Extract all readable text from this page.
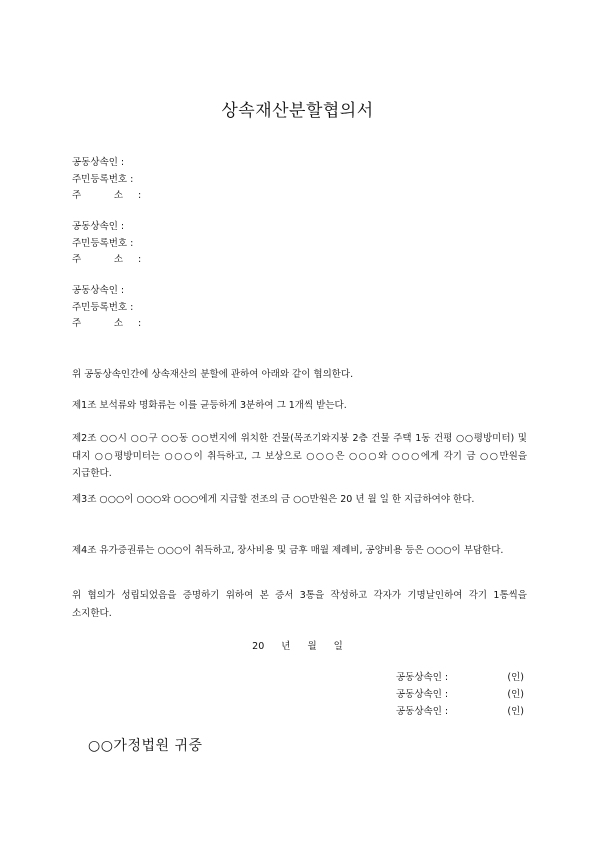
상속재산분할협의서
공동상속인 :
주민등록번호 :
주	소 :
공동상속인 :
주민등록번호 :
주	소 :
공동상속인 :
주민등록번호 :
주	소 :
위 공동상속인간에 상속재산의 분할에 관하여 아래와 같이 협의한다.
제1조 보석류와 명화류는 이를 균등하게 3분하여 그 1개씩 받는다.
제2조 ○○시 ○○구 ○○동 ○○번지에 위치한 건물(목조기와지붕 2층 건물 주택 1동 건평 ○○평방미터) 및 대지 ○○평방미터는 ○○○이 취득하고, 그 보상으로 ○○○은 ○○○와 ○○○에게 각기 금 ○○만원을 지급한다.
제3조 ○○○이 ○○○와 ○○○에게 지급할 전조의 금 ○○만원은 20 년 월 일 한 지급하여야 한다.
제4조 유가증권류는 ○○○이 취득하고, 장사비용 및 금후 매월 제례비, 공양비용 등은 ○○○이 부담한다.
위 협의가 성립되었음을 증명하기 위하여 본 증서 3통을 작성하고 각자가 기명날인하여 각기 1통씩을 소지한다.
20 년 월 일
공동상속인 :	(인)
공동상속인 :	(인)
공동상속인 :	(인)
○○가정법원 귀중
